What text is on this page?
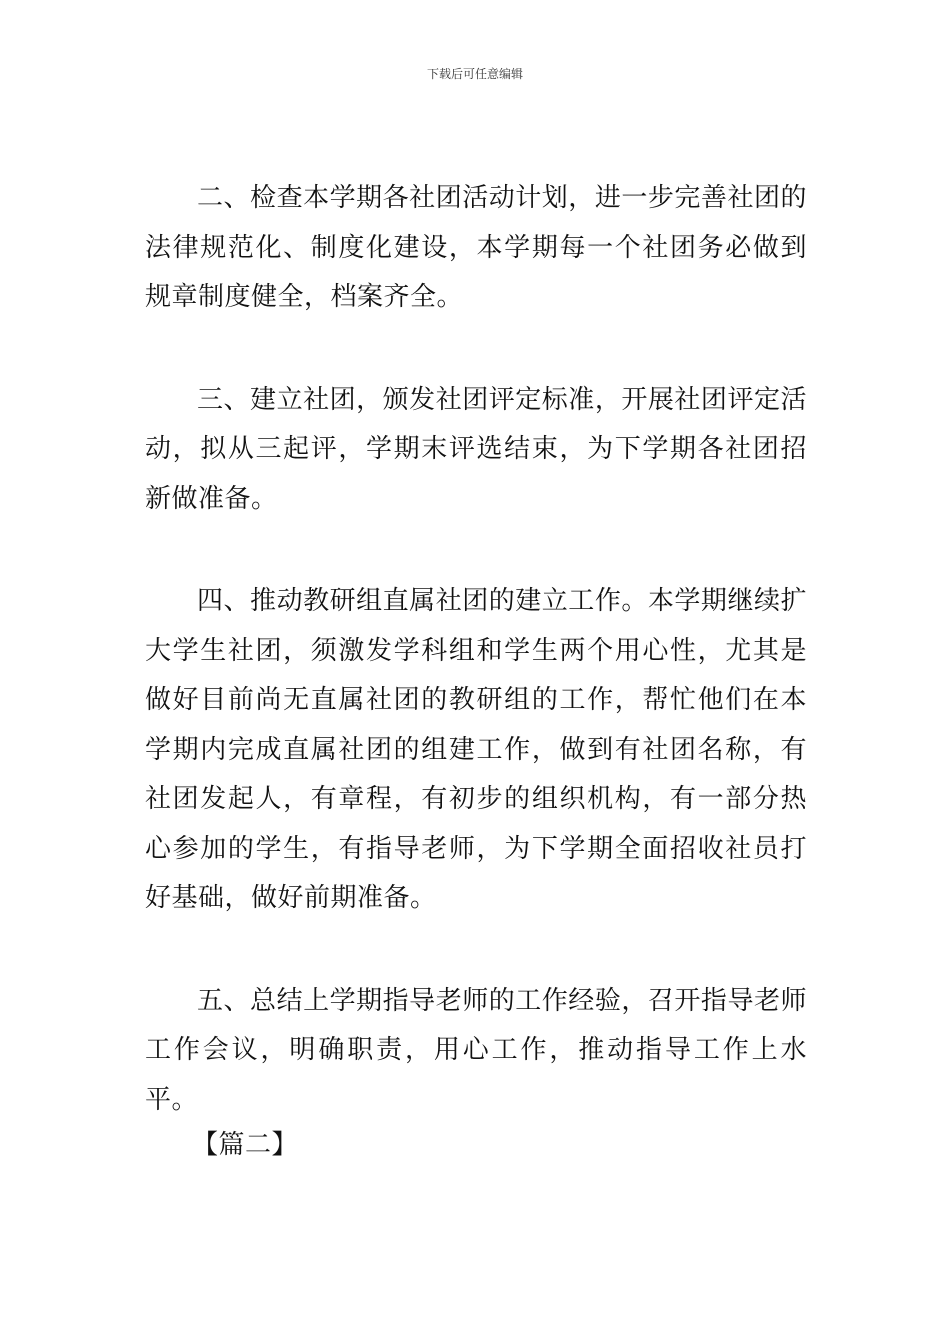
下载后可任意编辑

二、检查本学期各社团活动计划，进一步完善社团的法律规范化、制度化建设，本学期每一个社团务必做到规章制度健全，档案齐全。

三、建立社团，颁发社团评定标准，开展社团评定活动，拟从三起评，学期末评选结束，为下学期各社团招新做准备。

四、推动教研组直属社团的建立工作。本学期继续扩大学生社团，须激发学科组和学生两个用心性，尤其是做好目前尚无直属社团的教研组的工作，帮忙他们在本学期内完成直属社团的组建工作，做到有社团名称，有社团发起人，有章程，有初步的组织机构，有一部分热心参加的学生，有指导老师，为下学期全面招收社员打好基础，做好前期准备。

五、总结上学期指导老师的工作经验，召开指导老师工作会议，明确职责，用心工作，推动指导工作上水平。

【篇二】
